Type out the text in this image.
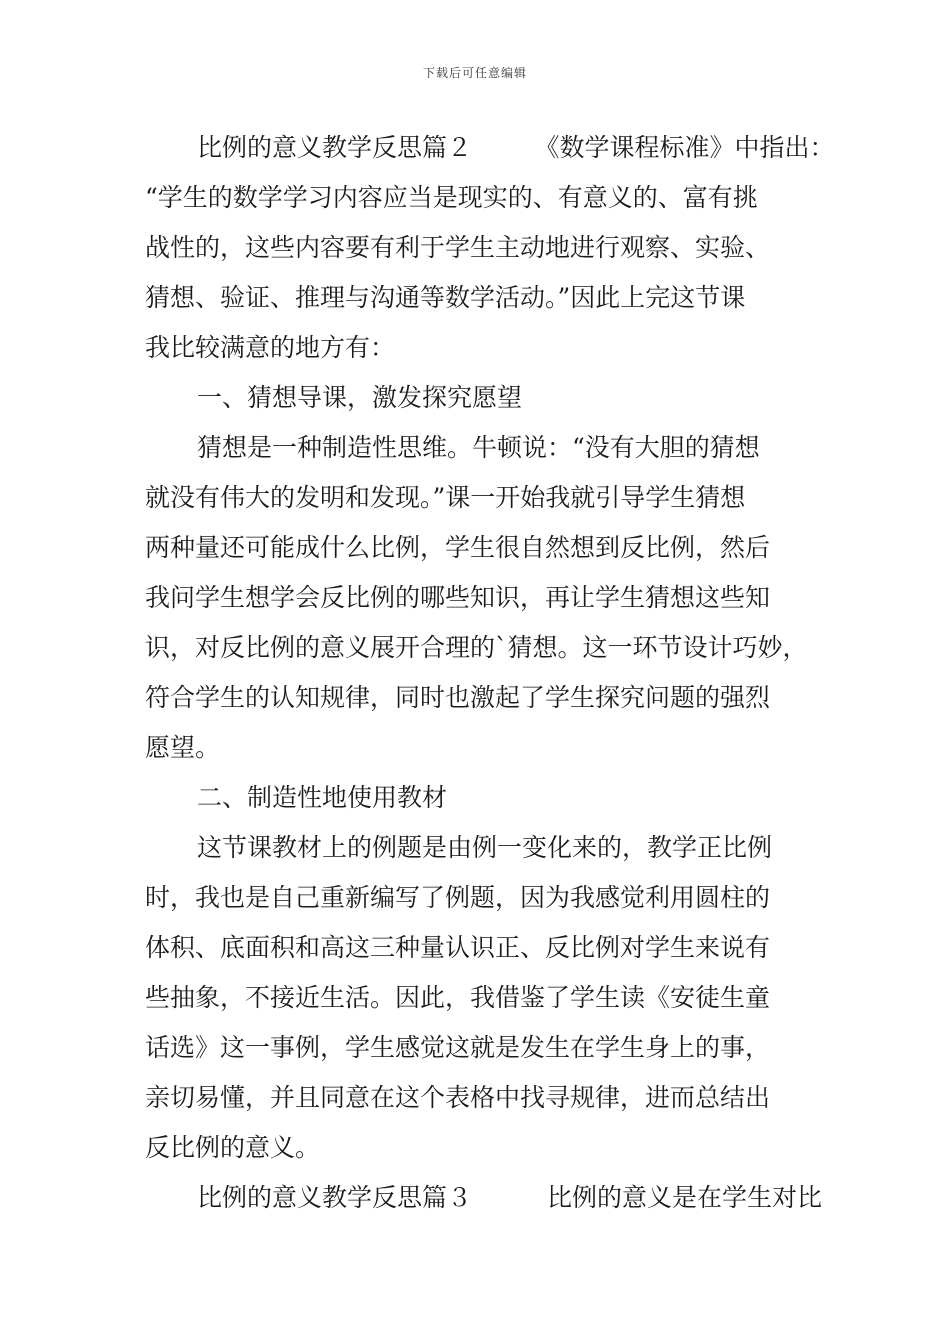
下载后可任意编辑
比例的意义教学反思篇２　　　《数学课程标准》中指出：
“学生的数学学习内容应当是现实的、有意义的、富有挑
战性的，这些内容要有利于学生主动地进行观察、实验、
猜想、验证、推理与沟通等数学活动。”因此上完这节课
我比较满意的地方有：
一、猜想导课，激发探究愿望
猜想是一种制造性思维。牛顿说：“没有大胆的猜想
就没有伟大的发明和发现。”课一开始我就引导学生猜想
两种量还可能成什么比例，学生很自然想到反比例，然后
我问学生想学会反比例的哪些知识，再让学生猜想这些知
识，对反比例的意义展开合理的`猜想。这一环节设计巧妙，
符合学生的认知规律，同时也激起了学生探究问题的强烈
愿望。
二、制造性地使用教材
这节课教材上的例题是由例一变化来的，教学正比例
时，我也是自己重新编写了例题，因为我感觉利用圆柱的
体积、底面积和高这三种量认识正、反比例对学生来说有
些抽象，不接近生活。因此，我借鉴了学生读《安徒生童
话选》这一事例，学生感觉这就是发生在学生身上的事，
亲切易懂，并且同意在这个表格中找寻规律，进而总结出
反比例的意义。
比例的意义教学反思篇３　　　比例的意义是在学生对比
